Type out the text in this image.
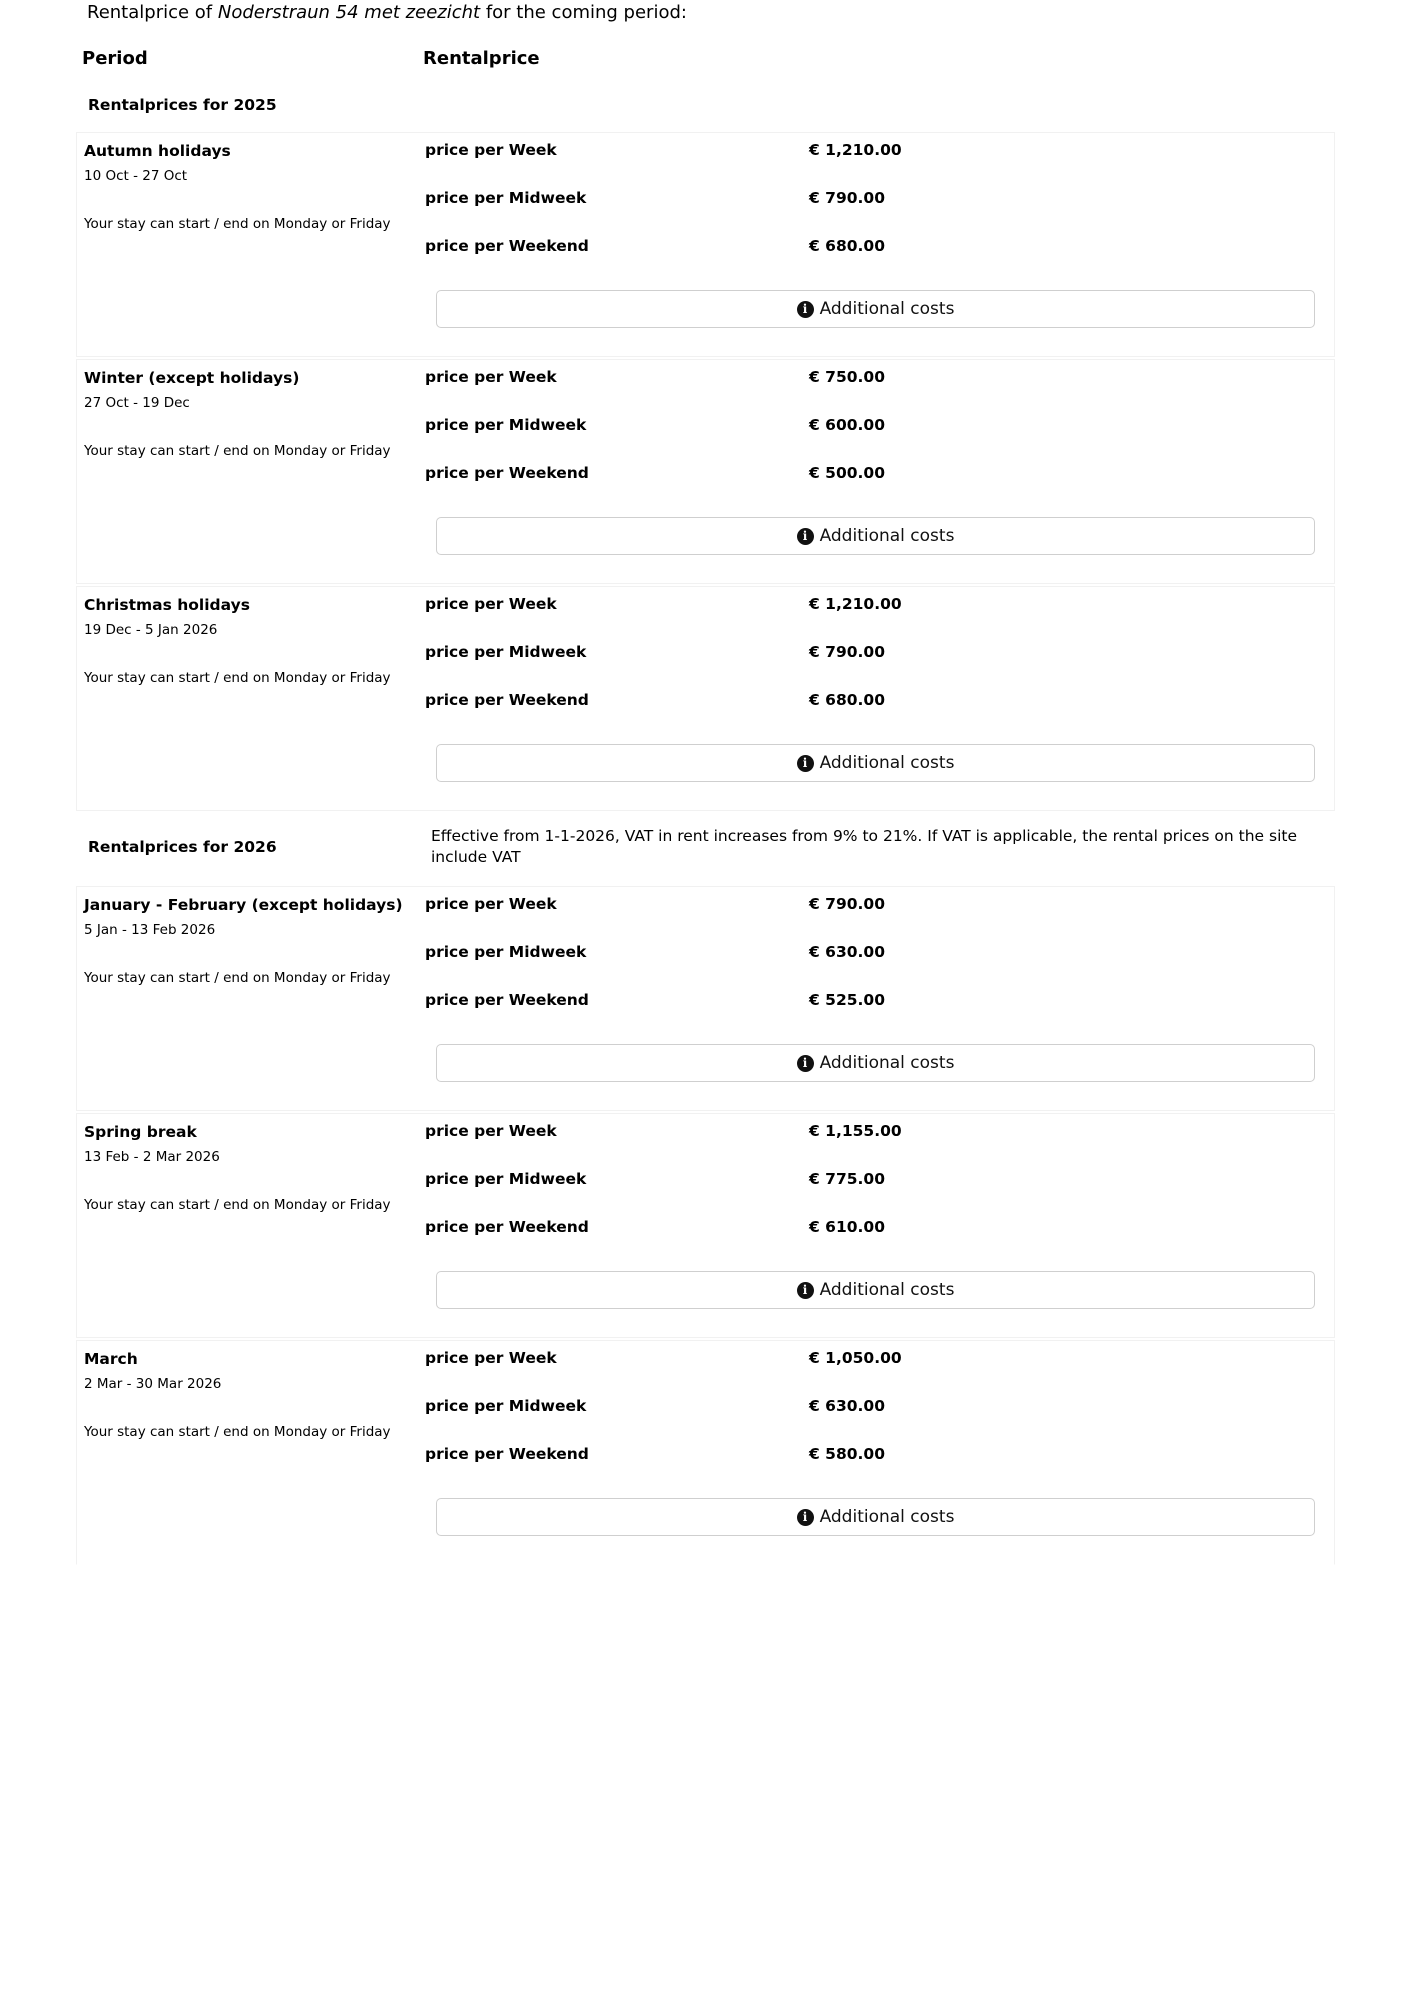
Rentalprice of Noderstraun 54 met zeezicht for the coming period:
Period	Rentalprice
Rentalprices for 2025
Autumn holidays
10 Oct - 27 Oct
Your stay can start / end on Monday or Friday
price per Week	€ 1,210.00
price per Midweek	€ 790.00
price per Weekend	€ 680.00
i Additional costs
Winter (except holidays)
27 Oct - 19 Dec
Your stay can start / end on Monday or Friday
price per Week	€ 750.00
price per Midweek	€ 600.00
price per Weekend	€ 500.00
i Additional costs
Christmas holidays
19 Dec - 5 Jan 2026
Your stay can start / end on Monday or Friday
price per Week	€ 1,210.00
price per Midweek	€ 790.00
price per Weekend	€ 680.00
i Additional costs
Rentalprices for 2026
Effective from 1-1-2026, VAT in rent increases from 9% to 21%. If VAT is applicable, the rental prices on the site include VAT
January - February (except holidays)
5 Jan - 13 Feb 2026
Your stay can start / end on Monday or Friday
price per Week	€ 790.00
price per Midweek	€ 630.00
price per Weekend	€ 525.00
i Additional costs
Spring break
13 Feb - 2 Mar 2026
Your stay can start / end on Monday or Friday
price per Week	€ 1,155.00
price per Midweek	€ 775.00
price per Weekend	€ 610.00
i Additional costs
March
2 Mar - 30 Mar 2026
Your stay can start / end on Monday or Friday
price per Week	€ 1,050.00
price per Midweek	€ 630.00
price per Weekend	€ 580.00
i Additional costs
